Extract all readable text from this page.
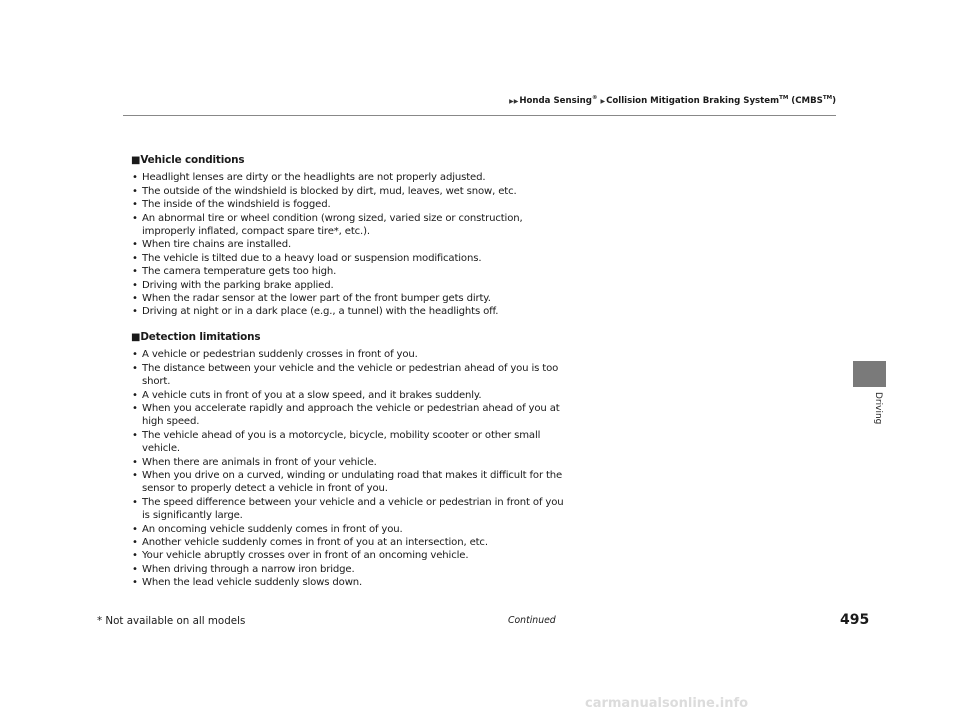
▶▶Honda Sensing® ▶Collision Mitigation Braking System™ (CMBS™)
Driving
■Vehicle conditions
• Headlight lenses are dirty or the headlights are not properly adjusted.
• The outside of the windshield is blocked by dirt, mud, leaves, wet snow, etc.
• The inside of the windshield is fogged.
• An abnormal tire or wheel condition (wrong sized, varied size or construction, improperly inflated, compact spare tire*, etc.).
• When tire chains are installed.
• The vehicle is tilted due to a heavy load or suspension modifications.
• The camera temperature gets too high.
• Driving with the parking brake applied.
• When the radar sensor at the lower part of the front bumper gets dirty.
• Driving at night or in a dark place (e.g., a tunnel) with the headlights off.
■Detection limitations
• A vehicle or pedestrian suddenly crosses in front of you.
• The distance between your vehicle and the vehicle or pedestrian ahead of you is too short.
• A vehicle cuts in front of you at a slow speed, and it brakes suddenly.
• When you accelerate rapidly and approach the vehicle or pedestrian ahead of you at high speed.
• The vehicle ahead of you is a motorcycle, bicycle, mobility scooter or other small vehicle.
• When there are animals in front of your vehicle.
• When you drive on a curved, winding or undulating road that makes it difficult for the sensor to properly detect a vehicle in front of you.
• The speed difference between your vehicle and a vehicle or pedestrian in front of you is significantly large.
• An oncoming vehicle suddenly comes in front of you.
• Another vehicle suddenly comes in front of you at an intersection, etc.
• Your vehicle abruptly crosses over in front of an oncoming vehicle.
• When driving through a narrow iron bridge.
• When the lead vehicle suddenly slows down.
* Not available on all models	Continued	495
carmanualsonline.info
